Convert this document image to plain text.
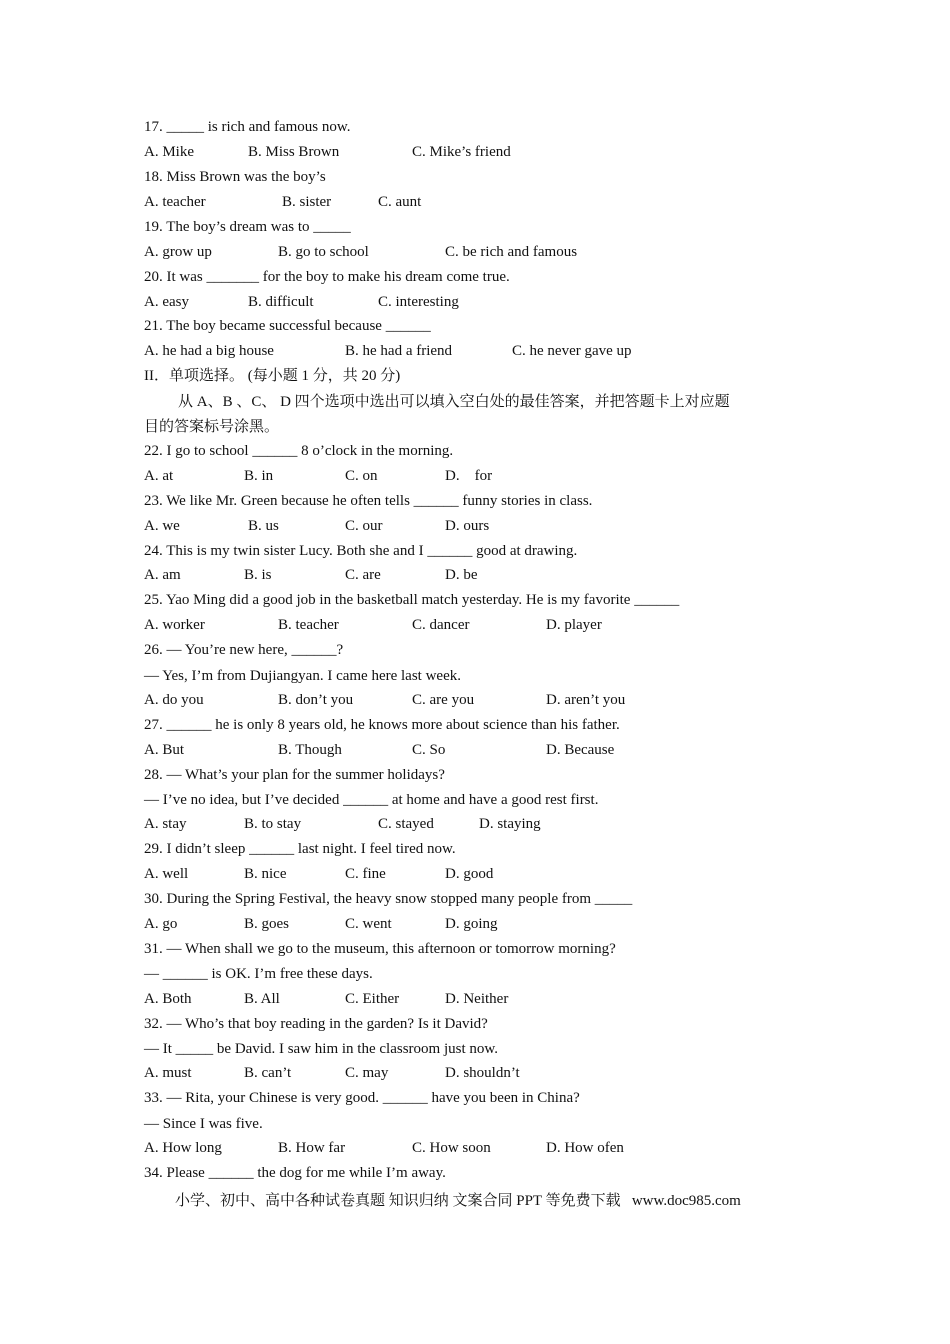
17. _____ is rich and famous now.
A. Mike	B. Miss Brown	C. Mike’s friend
18. Miss Brown was the boy’s
A. teacher	B. sister	C. aunt
19. The boy’s dream was to _____
A. grow up	B. go to school	C. be rich and famous
20. It was _______ for the boy to make his dream come true.
A. easy	B. difficult	C. interesting
21. The boy became successful because ______
A. he had a big house	B. he had a friend	C. he never gave up
II．单项选择。 (每小题 1 分，共 20 分)
从 A、B 、C、 D 四个选项中选出可以填入空白处的最佳答案，并把答题卡上对应题
目的答案标号涂黑。
22. I go to school ______ 8 o’clock in the morning.
A. at	B. in	C. on	D.    for
23. We like Mr. Green because he often tells ______ funny stories in class.
A. we	B. us	C. our	D. ours
24. This is my twin sister Lucy. Both she and I ______ good at drawing.
A. am	B. is	C. are	D. be
25. Yao Ming did a good job in the basketball match yesterday. He is my favorite ______
A. worker	B. teacher	C. dancer	D. player
26. — You’re new here, ______?
— Yes, I’m from Dujiangyan. I came here last week.
A. do you	B. don’t you	C. are you	D. aren’t you
27. ______ he is only 8 years old, he knows more about science than his father.
A. But	B. Though	C. So	D. Because
28. — What’s your plan for the summer holidays?
— I’ve no idea, but I’ve decided ______ at home and have a good rest first.
A. stay	B. to stay	C. stayed	D. staying
29. I didn’t sleep ______ last night. I feel tired now.
A. well	B. nice	C. fine	D. good
30. During the Spring Festival, the heavy snow stopped many people from _____
A. go	B. goes	C. went	D. going
31. — When shall we go to the museum, this afternoon or tomorrow morning?
— ______ is OK. I’m free these days.
A. Both	B. All	C. Either	D. Neither
32. — Who’s that boy reading in the garden? Is it David?
— It _____ be David. I saw him in the classroom just now.
A. must	B. can’t	C. may	D. shouldn’t
33. — Rita, your Chinese is very good. ______ have you been in China?
— Since I was five.
A. How long	B. How far	C. How soon	D. How ofen
34. Please ______ the dog for me while I’m away.
小学、初中、高中各种试卷真题 知识归纳 文案合同 PPT 等免费下载   www.doc985.com
